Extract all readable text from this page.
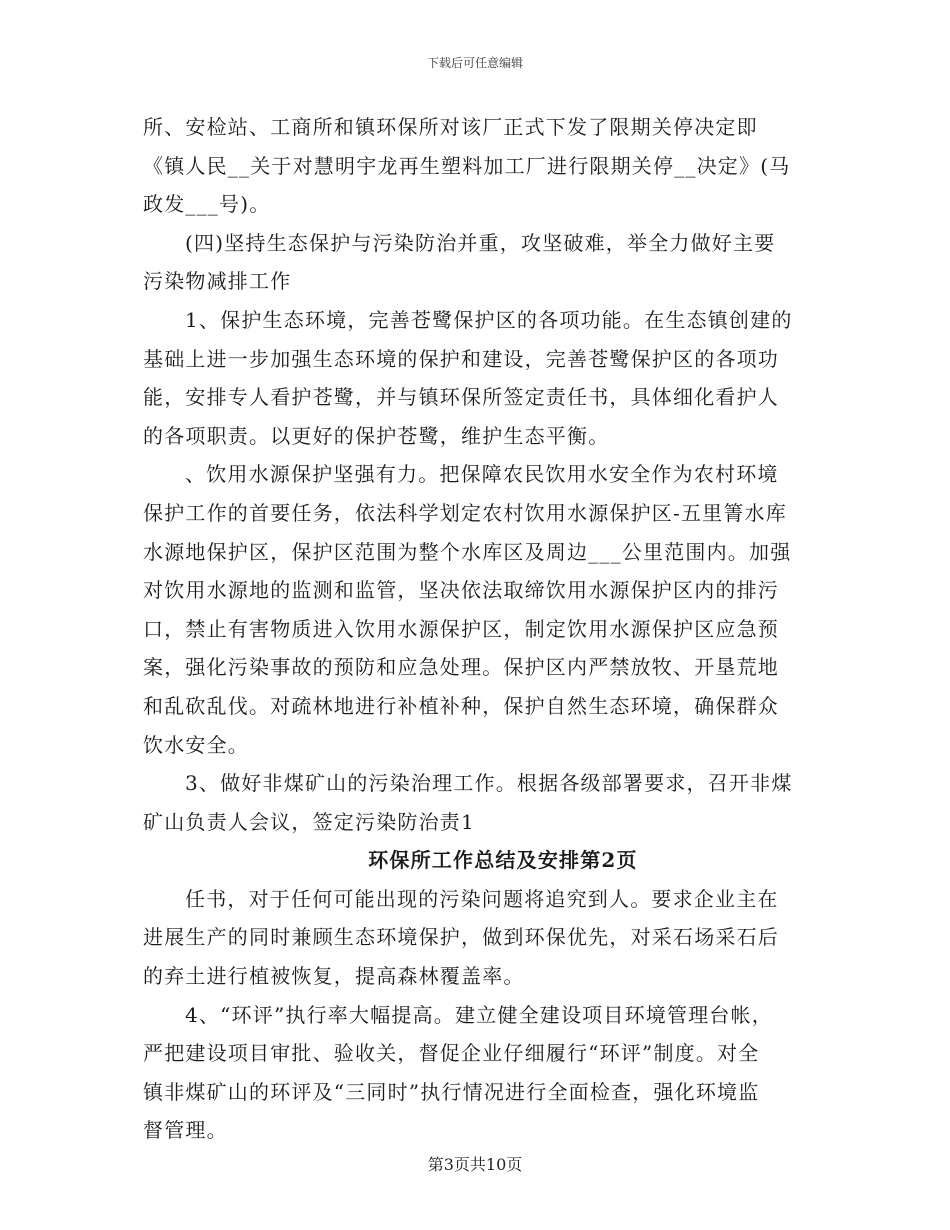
下载后可任意编辑
所、安检站、工商所和镇环保所对该厂正式下发了限期关停决定即
《镇人民__关于对慧明宇龙再生塑料加工厂进行限期关停__决定》(马
政发___号)。
(四)坚持生态保护与污染防治并重，攻坚破难，举全力做好主要
污染物减排工作
1、保护生态环境，完善苍鹭保护区的各项功能。在生态镇创建的
基础上进一步加强生态环境的保护和建设，完善苍鹭保护区的各项功
能，安排专人看护苍鹭，并与镇环保所签定责任书，具体细化看护人
的各项职责。以更好的保护苍鹭，维护生态平衡。
、饮用水源保护坚强有力。把保障农民饮用水安全作为农村环境
保护工作的首要任务，依法科学划定农村饮用水源保护区-五里箐水库
水源地保护区，保护区范围为整个水库区及周边___公里范围内。加强
对饮用水源地的监测和监管，坚决依法取缔饮用水源保护区内的排污
口，禁止有害物质进入饮用水源保护区，制定饮用水源保护区应急预
案，强化污染事故的预防和应急处理。保护区内严禁放牧、开垦荒地
和乱砍乱伐。对疏林地进行补植补种，保护自然生态环境，确保群众
饮水安全。
3、做好非煤矿山的污染治理工作。根据各级部署要求，召开非煤
矿山负责人会议，签定污染防治责1
环保所工作总结及安排第2页
任书，对于任何可能出现的污染问题将追究到人。要求企业主在
进展生产的同时兼顾生态环境保护，做到环保优先，对采石场采石后
的弃土进行植被恢复，提高森林覆盖率。
4、“环评”执行率大幅提高。建立健全建设项目环境管理台帐，
严把建设项目审批、验收关，督促企业仔细履行“环评”制度。对全
镇非煤矿山的环评及“三同时”执行情况进行全面检查，强化环境监
督管理。
第3页共10页
